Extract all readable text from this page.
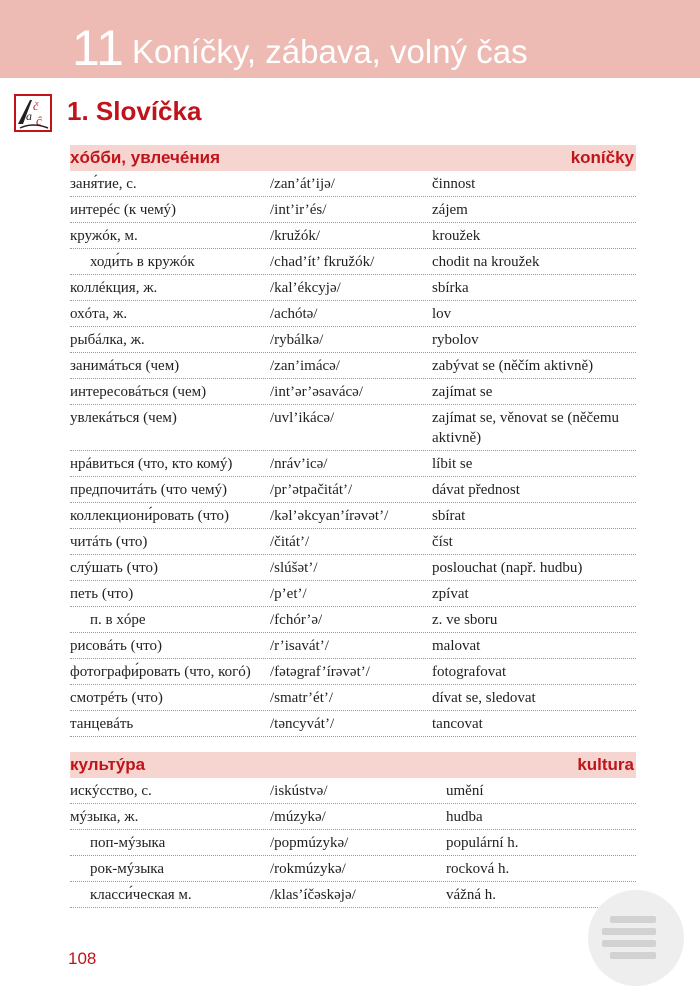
11 Koníčky, zábava, volný čas
č
a ĉ 1. Slovíčka
хóбби, увлечéния	koníčky
заня́тие, с.	/zan’át’ijə/	činnost
интерéс (к чемý)	/int’ir’és/	zájem
кружóк, м.	/kružók/	kroužek
ходи́ть в кружóк	/chad’ít’ fkružók/	chodit na kroužek
коллéкция, ж.	/kal’ékcyjə/	sbírka
охóта, ж.	/achótə/	lov
рыбáлка, ж.	/rybálkə/	rybolov
занимáться (чем)	/zan’imácə/	zabývat se (něčím aktivně)
интересовáться (чем)	/int’ər’əsavácə/	zajímat se
увлекáться (чем)	/uvl’ikácə/	zajímat se, věnovat se (něčemu aktivně)
нрáвиться (что, кто комý)	/nráv’icə/	líbit se
предпочитáть (что чемý)	/pr’ətpačitát’/	dávat přednost
коллекциони́ровать (что)	/kəl’əkcyan’írəvət’/	sbírat
читáть (что)	/čitát’/	číst
слýшать (что)	/slúšət’/	poslouchat (např. hudbu)
петь (что)	/p’et’/	zpívat
п. в хóре	/fchór’ə/	z. ve sboru
рисовáть (что)	/r’isavát’/	malovat
фотографи́ровать (что, когó) /fətəgraf’írəvət’/	fotografovat
смотрéть (что)	/smatr’ét’/	dívat se, sledovat
танцевáть	/təncyvát’/	tancovat
культýра	kultura
искýсство, с.	/iskústvə/	umění
мýзыка, ж.	/múzykə/	hudba
поп-мýзыка	/popmúzykə/	populární h.
рок-мýзыка	/rokmúzykə/	rocková h.
класси́ческая м.	/klas’íčəskəjə/	vážná h.
108
